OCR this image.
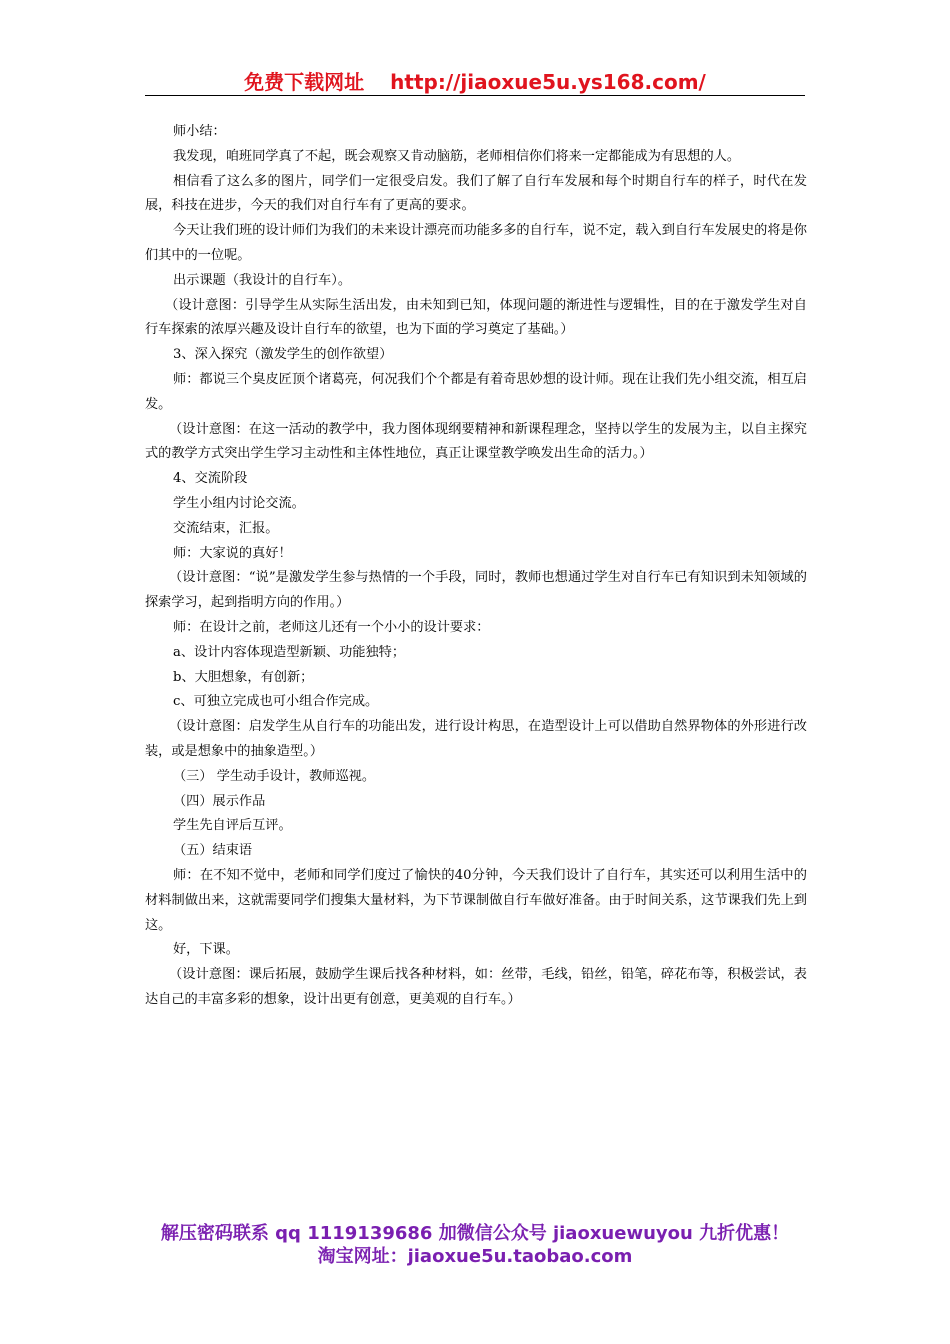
免费下载网址 http://jiaoxue5u.ys168.com/

师小结：

我发现，咱班同学真了不起，既会观察又肯动脑筋，老师相信你们将来一定都能成为有思想的人。

相信看了这么多的图片，同学们一定很受启发。我们了解了自行车发展和每个时期自行车的样子，时代在发展，科技在进步，今天的我们对自行车有了更高的要求。

今天让我们班的设计师们为我们的未来设计漂亮而功能多多的自行车，说不定，载入到自行车发展史的将是你们其中的一位呢。

出示课题（我设计的自行车）。

（设计意图：引导学生从实际生活出发，由未知到已知，体现问题的渐进性与逻辑性，目的在于激发学生对自行车探索的浓厚兴趣及设计自行车的欲望，也为下面的学习奠定了基础。）

3、深入探究（激发学生的创作欲望）

师：都说三个臭皮匠顶个诸葛亮，何况我们个个都是有着奇思妙想的设计师。现在让我们先小组交流，相互启发。

（设计意图：在这一活动的教学中，我力图体现纲要精神和新课程理念，坚持以学生的发展为主，以自主探究式的教学方式突出学生学习主动性和主体性地位，真正让课堂教学唤发出生命的活力。）

4、交流阶段

学生小组内讨论交流。

交流结束，汇报。

师：大家说的真好！

（设计意图：“说”是激发学生参与热情的一个手段，同时，教师也想通过学生对自行车已有知识到未知领域的探索学习，起到指明方向的作用。）

师：在设计之前，老师这儿还有一个小小的设计要求：

a、设计内容体现造型新颖、功能独特；

b、大胆想象，有创新；

c、可独立完成也可小组合作完成。

（设计意图：启发学生从自行车的功能出发，进行设计构思，在造型设计上可以借助自然界物体的外形进行改装，或是想象中的抽象造型。）

（三） 学生动手设计，教师巡视。

（四）展示作品

学生先自评后互评。

（五）结束语

师：在不知不觉中，老师和同学们度过了愉快的40分钟，今天我们设计了自行车，其实还可以利用生活中的材料制做出来，这就需要同学们搜集大量材料，为下节课制做自行车做好准备。由于时间关系，这节课我们先上到这。

好，下课。

（设计意图：课后拓展，鼓励学生课后找各种材料，如：丝带，毛线，铅丝，铅笔，碎花布等，积极尝试，表达自己的丰富多彩的想象，设计出更有创意，更美观的自行车。）

解压密码联系 qq 1119139686 加微信公众号 jiaoxuewuyou 九折优惠！
淘宝网址：jiaoxue5u.taobao.com
